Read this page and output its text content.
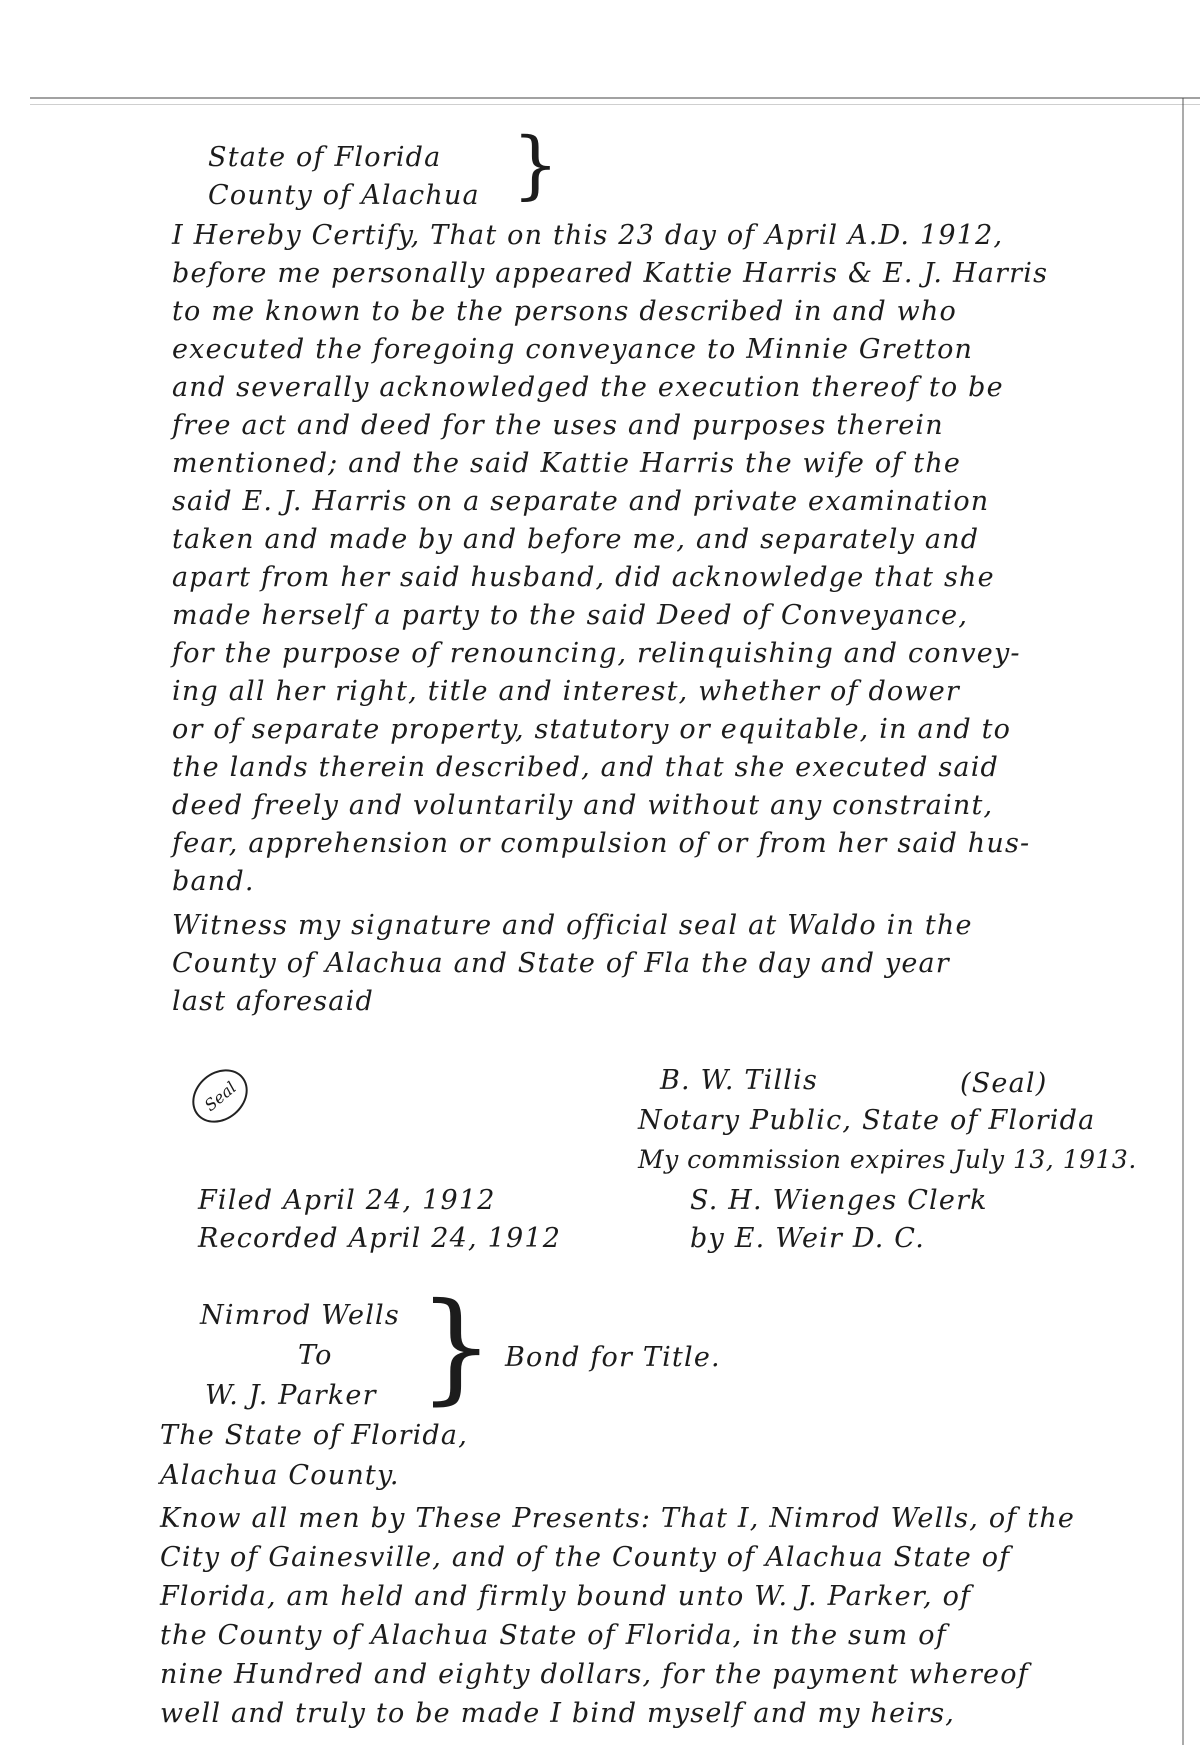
State of Florida
County of Alachua }
I Hereby Certify, That on this 23 day of April A.D. 1912,
before me personally appeared Kattie Harris & E. J. Harris
to me known to be the persons described in and who
executed the foregoing conveyance to Minnie Gretton
and severally acknowledged the execution thereof to be
free act and deed for the uses and purposes therein
mentioned; and the said Kattie Harris the wife of the
said E. J. Harris on a separate and private examination
taken and made by and before me, and separately and
apart from her said husband, did acknowledge that she
made herself a party to the said Deed of Conveyance,
for the purpose of renouncing, relinquishing and convey-
ing all her right, title and interest, whether of dower
or of separate property, statutory or equitable, in and to
the lands therein described, and that she executed said
deed freely and voluntarily and without any constraint,
fear, apprehension or compulsion of or from her said hus-
band.
Witness my signature and official seal at Waldo in the
County of Alachua and State of Fla the day and year
last aforesaid
Seal	B. W. Tillis	(Seal)
Notary Public, State of Florida
My commission expires July 13, 1913.
Filed April 24, 1912
Recorded April 24, 1912
S. H. Wienges Clerk
by E. Weir D. C.
Nimrod Wells
To
W. J. Parker } Bond for Title.
The State of Florida,
Alachua County.
Know all men by These Presents: That I, Nimrod Wells, of the
City of Gainesville, and of the County of Alachua State of
Florida, am held and firmly bound unto W. J. Parker, of
the County of Alachua State of Florida, in the sum of
nine Hundred and eighty dollars, for the payment whereof
well and truly to be made I bind myself and my heirs,
